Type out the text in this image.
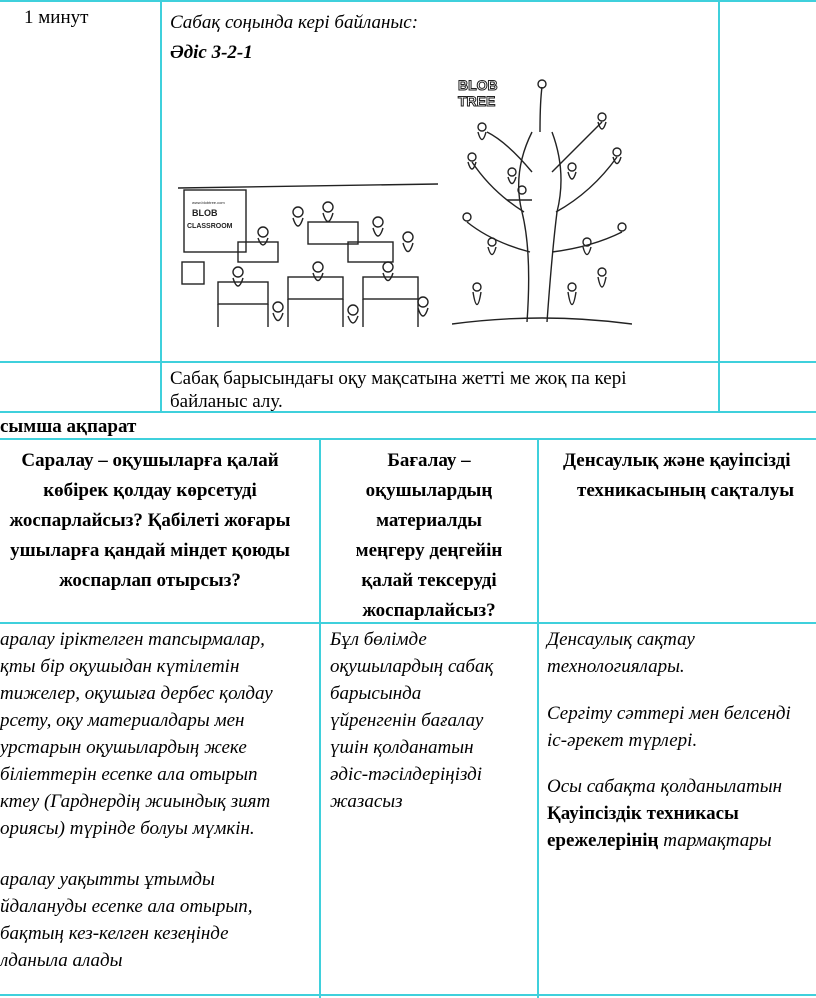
1 минут	Сабақ соңында кері байланыс:
Әдіс 3-2-1
BLOB
CLASSROOM
www.blobtree.com
BLOB
TREE
Сабақ барысындағы оқу мақсатына жетті ме жоқ па кері
байланыс алу.
сымша ақпарат
Саралау – оқушыларға қалай
көбірек қолдау көрсетуді
жоспарлайсыз? Қабілеті жоғары
ушыларға қандай міндет қоюды
жоспарлап отырсыз?
Бағалау –
оқушылардың
материалды
меңгеру деңгейін
қалай тексеруді
жоспарлайсыз?
Денсаулық және қауіпсіздi
техникасының сақталуы
аралау іріктелген тапсырмалар,
қты бір оқушыдан күтілетін
тижелер, оқушыға дербес қолдау
рсету, оқу материалдары мен
урстарын оқушылардың жеке
біліеттерін есепке ала отырып
ктеу (Гарднердің жиындық зият
ориясы) түрінде болуы мүмкін.
аралау уақытты ұтымды
йдалануды есепке ала отырып,
бақтың кез-келген кезеңінде
лданыла алады
Бұл бөлімде
оқушылардың сабақ
барысында
үйренгенін бағалау
үшін қолданатын
әдіс-тәсілдеріңізді
жазасыз
Денсаулық сақтау
технологиялары.
Сергіту сәттері мен белсенді
іс-әрекет түрлері.
Осы сабақта қолданылатын
Қауіпсіздік техникасы
ережелерінің тармақтары
